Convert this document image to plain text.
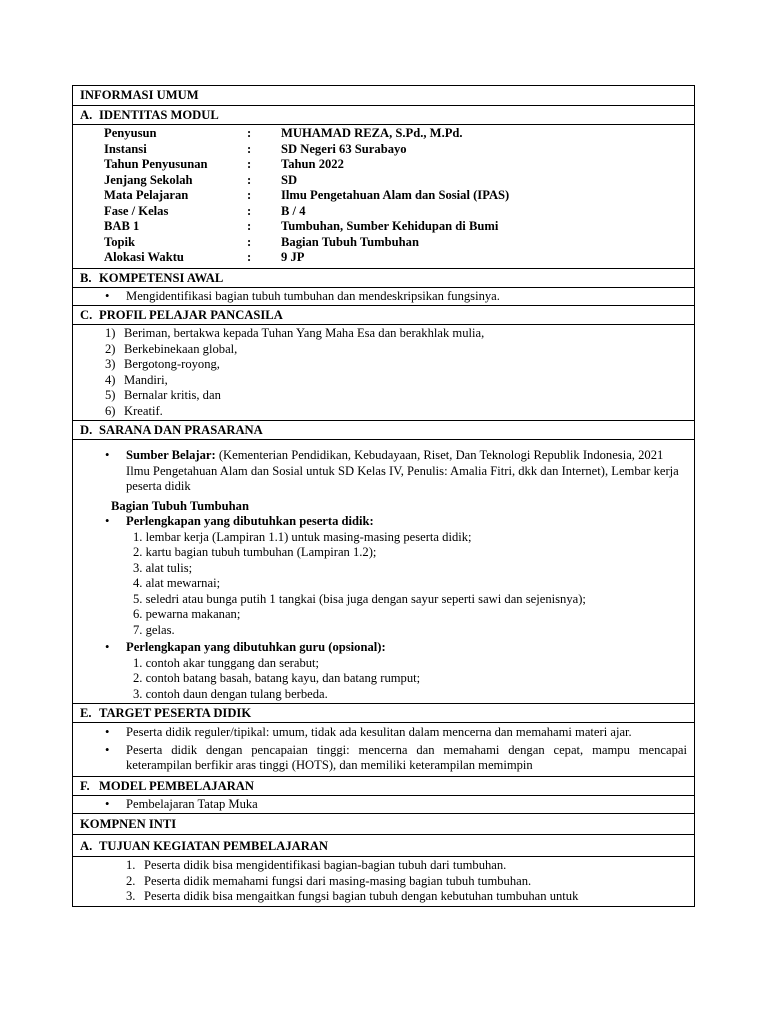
INFORMASI UMUM
A. IDENTITAS MODUL
Penyusun	:	MUHAMAD REZA, S.Pd., M.Pd.
Instansi	:	SD Negeri 63 Surabayo
Tahun Penyusunan	:	Tahun 2022
Jenjang Sekolah	:	SD
Mata Pelajaran	:	Ilmu Pengetahuan Alam dan Sosial (IPAS)
Fase / Kelas	:	B / 4
BAB 1	:	Tumbuhan, Sumber Kehidupan di Bumi
Topik	:	Bagian Tubuh Tumbuhan
Alokasi Waktu	:	9 JP
B. KOMPETENSI AWAL
•	Mengidentifikasi bagian tubuh tumbuhan dan mendeskripsikan fungsinya.
C. PROFIL PELAJAR PANCASILA
1) Beriman, bertakwa kepada Tuhan Yang Maha Esa dan berakhlak mulia,
2) Berkebinekaan global,
3) Bergotong-royong,
4) Mandiri,
5) Bernalar kritis, dan
6) Kreatif.
D. SARANA DAN PRASARANA
•	Sumber Belajar: (Kementerian Pendidikan, Kebudayaan, Riset, Dan Teknologi Republik Indonesia, 2021 Ilmu Pengetahuan Alam dan Sosial untuk SD Kelas IV, Penulis: Amalia Fitri, dkk dan Internet), Lembar kerja peserta didik
Bagian Tubuh Tumbuhan
•	Perlengkapan yang dibutuhkan peserta didik:
1. lembar kerja (Lampiran 1.1) untuk masing-masing peserta didik;
2. kartu bagian tubuh tumbuhan (Lampiran 1.2);
3. alat tulis;
4. alat mewarnai;
5. seledri atau bunga putih 1 tangkai (bisa juga dengan sayur seperti sawi dan sejenisnya);
6. pewarna makanan;
7. gelas.
•	Perlengkapan yang dibutuhkan guru (opsional):
1. contoh akar tunggang dan serabut;
2. contoh batang basah, batang kayu, dan batang rumput;
3. contoh daun dengan tulang berbeda.
E. TARGET PESERTA DIDIK
•	Peserta didik reguler/tipikal: umum, tidak ada kesulitan dalam mencerna dan memahami materi ajar.
•	Peserta didik dengan pencapaian tinggi: mencerna dan memahami dengan cepat, mampu mencapai keterampilan berfikir aras tinggi (HOTS), dan memiliki keterampilan memimpin
F. MODEL PEMBELAJARAN
•	Pembelajaran Tatap Muka
KOMPNEN INTI
A. TUJUAN KEGIATAN PEMBELAJARAN
1. Peserta didik bisa mengidentifikasi bagian-bagian tubuh dari tumbuhan.
2. Peserta didik memahami fungsi dari masing-masing bagian tubuh tumbuhan.
3. Peserta didik bisa mengaitkan fungsi bagian tubuh dengan kebutuhan tumbuhan untuk
